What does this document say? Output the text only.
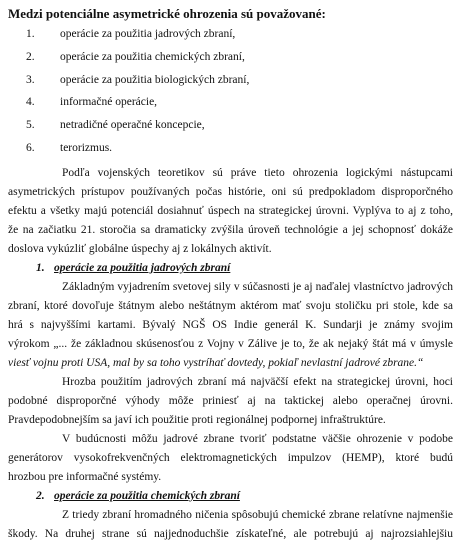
Medzi potenciálne asymetrické ohrozenia sú považované:
1.	operácie za použitia jadrových zbraní,
2.	operácie za použitia chemických zbraní,
3.	operácie za použitia biologických zbraní,
4.	informačné operácie,
5.	netradičné operačné koncepcie,
6.	terorizmus.

Podľa vojenských teoretikov sú práve tieto ohrozenia logickými nástupcami
asymetrických prístupov používaných počas histórie, oni sú predpokladom disproporčného
efektu a všetky majú potenciál dosiahnuť úspech na strategickej úrovni. Vyplýva to aj z toho,
že na začiatku 21. storočia sa dramaticky zvýšila úroveň technológie a jej schopnosť dokáže
doslova vykúzliť globálne úspechy aj z lokálnych aktivít.

1. operácie za použitia jadrových zbraní

Základným vyjadrením svetovej sily v súčasnosti je aj naďalej vlastníctvo jadrových
zbraní, ktoré dovoľuje štátnym alebo neštátnym aktérom mať svoju stoličku pri stole, kde sa
hrá s najvyššími kartami. Bývalý NGŠ OS Indie generál K. Sundarji je známy svojim
výrokom „... že základnou skúsenosťou z Vojny v Zálive je to, že ak nejaký štát má v úmysle
viesť vojnu proti USA, mal by sa toho vystríhať dovtedy, pokiaľ nevlastní jadrové zbrane.“

Hrozba použitím jadrových zbraní má najväčší efekt na strategickej úrovni, hoci
podobné disproporčné výhody môže priniesť aj na taktickej alebo operačnej úrovni.
Pravdepodobnejším sa javí ich použitie proti regionálnej podpornej infraštruktúre.

V budúcnosti môžu jadrové zbrane tvoriť podstatne väčšie ohrozenie v podobe
generátorov vysokofrekvenčných elektromagnetických impulzov (HEMP), ktoré budú
hrozbou pre informačné systémy.

2. operácie za použitia chemických zbraní

Z triedy zbraní hromadného ničenia spôsobujú chemické zbrane relatívne najmenšie
škody. Na druhej strane sú najjednoduchšie získateľné, ale potrebujú aj najrozsiahlejšiu
